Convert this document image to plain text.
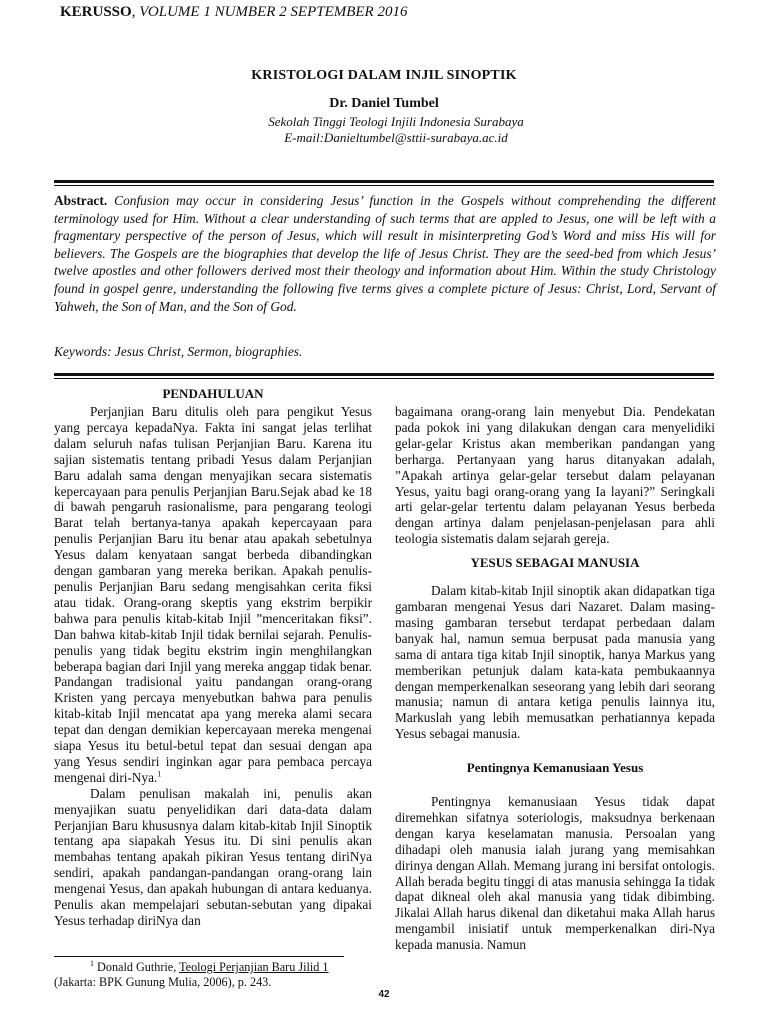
KERUSSO, VOLUME 1 NUMBER 2 SEPTEMBER 2016
KRISTOLOGI DALAM INJIL SINOPTIK
Dr. Daniel Tumbel
Sekolah Tinggi Teologi Injili Indonesia Surabaya
E-mail:Danieltumbel@sttii-surabaya.ac.id
Abstract. Confusion may occur in considering Jesus’ function in the Gospels without comprehending the different terminology used for Him. Without a clear understanding of such terms that are appled to Jesus, one will be left with a fragmentary perspective of the person of Jesus, which will result in misinterpreting God’s Word and miss His will for believers. The Gospels are the biographies that develop the life of Jesus Christ. They are the seed-bed from which Jesus’ twelve apostles and other followers derived most their theology and information about Him. Within the study Christology found in gospel genre, understanding the following five terms gives a complete picture of Jesus: Christ, Lord, Servant of Yahweh, the Son of Man, and the Son of God.
Keywords: Jesus Christ, Sermon, biographies.
PENDAHULUAN

Perjanjian Baru ditulis oleh para pengikut Yesus yang percaya kepadaNya. Fakta ini sangat jelas terlihat dalam seluruh nafas tulisan Perjanjian Baru. Karena itu sajian sistematis tentang pribadi Yesus dalam Perjanjian Baru adalah sama dengan menyajikan secara sistematis kepercayaan para penulis Perjanjian Baru.Sejak abad ke 18 di bawah pengaruh rasionalisme, para pengarang teologi Barat telah bertanya-tanya apakah kepercayaan para penulis Perjanjian Baru itu benar atau apakah sebetulnya Yesus dalam kenyataan sangat berbeda dibandingkan dengan gambaran yang mereka berikan. Apakah penulis-penulis Perjanjian Baru sedang mengisahkan cerita fiksi atau tidak. Orang-orang skeptis yang ekstrim berpikir bahwa para penulis kitab-kitab Injil ”menceritakan fiksi”. Dan bahwa kitab-kitab Injil tidak bernilai sejarah. Penulis-penulis yang tidak begitu ekstrim ingin menghilangkan beberapa bagian dari Injil yang mereka anggap tidak benar. Pandangan tradisional yaitu pandangan orang-orang Kristen yang percaya menyebutkan bahwa para penulis kitab-kitab Injil mencatat apa yang mereka alami secara tepat dan dengan demikian kepercayaan mereka mengenai siapa Yesus itu betul-betul tepat dan sesuai dengan apa yang Yesus sendiri inginkan agar para pembaca percaya mengenai diri-Nya.$^1$

Dalam penulisan makalah ini, penulis akan menyajikan suatu penyelidikan dari data-data dalam Perjanjian Baru khususnya dalam kitab-kitab Injil Sinoptik tentang apa siapakah Yesus itu. Di sini penulis akan membahas tentang apakah pikiran Yesus tentang diriNya sendiri, apakah pandangan-pandangan orang-orang lain mengenai Yesus, dan apakah hubungan di antara keduanya. Penulis akan mempelajari sebutan-sebutan yang dipakai Yesus terhadap diriNya dan

bagaimana orang-orang lain menyebut Dia. Pendekatan pada pokok ini yang dilakukan dengan cara menyelidiki gelar-gelar Kristus akan memberikan pandangan yang berharga. Pertanyaan yang harus ditanyakan adalah, ”Apakah artinya gelar-gelar tersebut dalam pelayanan Yesus, yaitu bagi orang-orang yang Ia layani?” Seringkali arti gelar-gelar tertentu dalam pelayanan Yesus berbeda dengan artinya dalam penjelasan-penjelasan para ahli teologia sistematis dalam sejarah gereja.

YESUS SEBAGAI MANUSIA

Dalam kitab-kitab Injil sinoptik akan didapatkan tiga gambaran mengenai Yesus dari Nazaret. Dalam masing-masing gambaran tersebut terdapat perbedaan dalam banyak hal, namun semua berpusat pada manusia yang sama di antara tiga kitab Injil sinoptik, hanya Markus yang memberikan petunjuk dalam kata-kata pembukaannya dengan memperkenalkan seseorang yang lebih dari seorang manusia; namun di antara ketiga penulis lainnya itu, Markuslah yang lebih memusatkan perhatiannya kepada Yesus sebagai manusia.

Pentingnya Kemanusiaan Yesus

Pentingnya kemanusiaan Yesus tidak dapat diremehkan sifatnya soteriologis, maksudnya berkenaan dengan karya keselamatan manusia. Persoalan yang dihadapi oleh manusia ialah jurang yang memisahkan dirinya dengan Allah. Memang jurang ini bersifat ontologis. Allah berada begitu tinggi di atas manusia sehingga Ia tidak dapat dikneal oleh akal manusia yang tidak dibimbing. Jikalai Allah harus dikenal dan diketahui maka Allah harus mengambil inisiatif untuk memperkenalkan diri-Nya kepada manusia. Namun

$^1$ Donald Guthrie, Teologi Perjanjian Baru Jilid 1
(Jakarta: BPK Gunung Mulia, 2006), p. 243.
42
